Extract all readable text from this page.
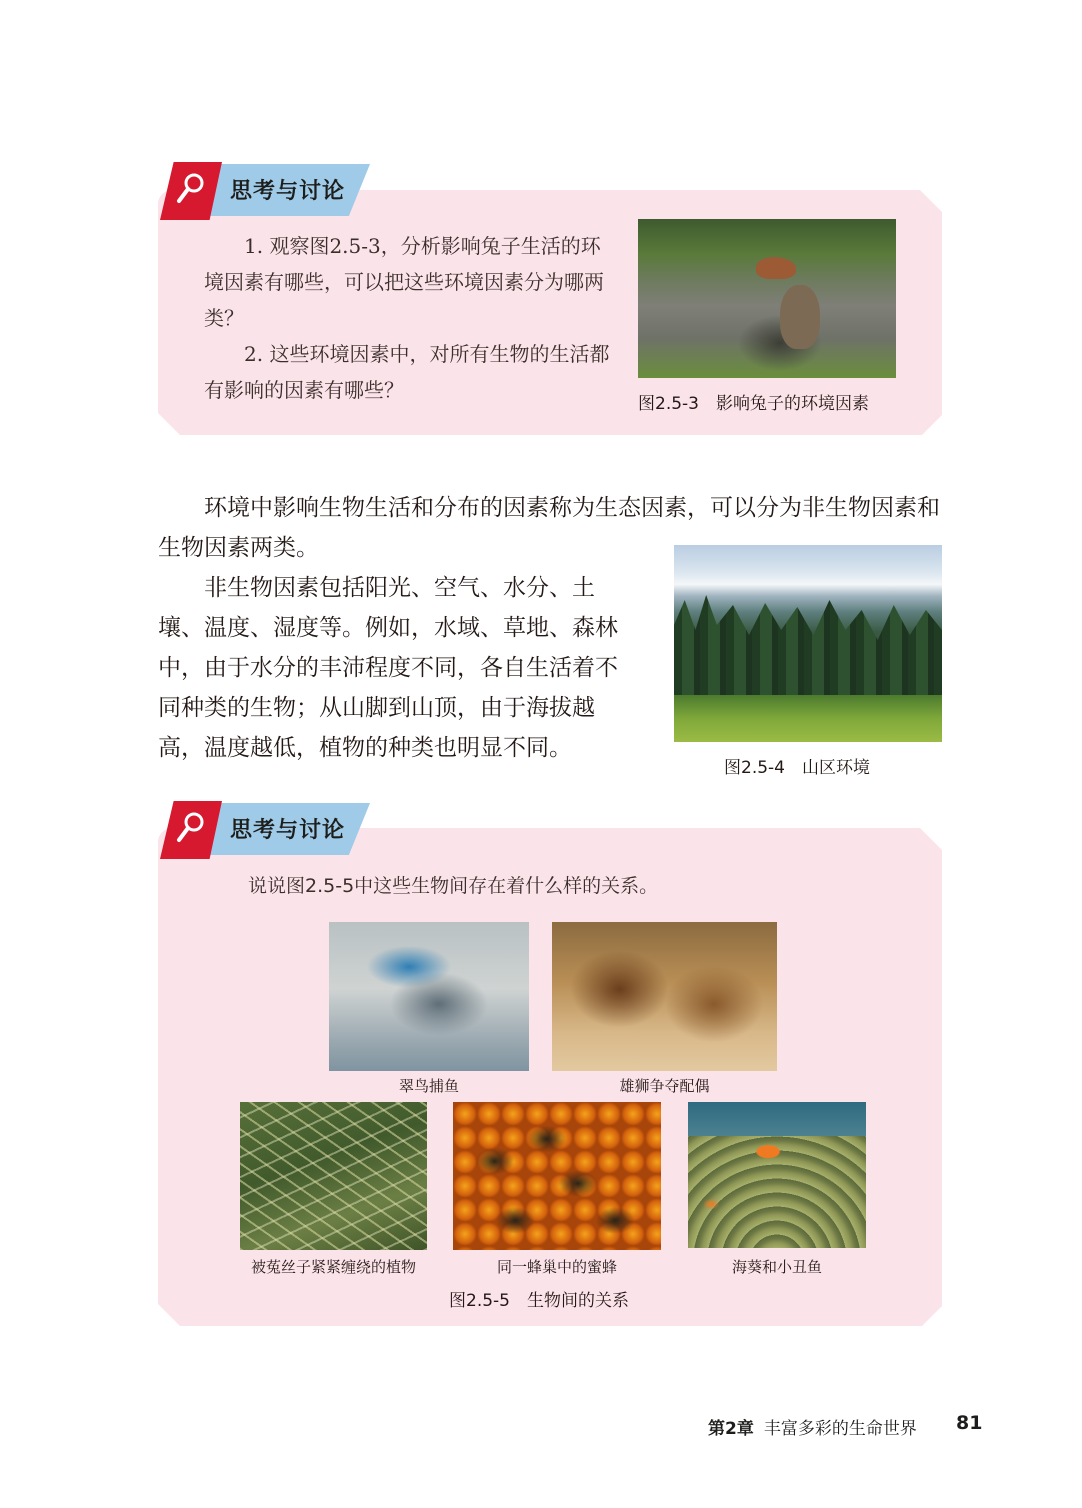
思考与讨论

1. 观察图2.5-3，分析影响兔子生活的环境因素有哪些，可以把这些环境因素分为哪两类？

2. 这些环境因素中，对所有生物的生活都有影响的因素有哪些？

图2.5-3　影响兔子的环境因素

环境中影响生物生活和分布的因素称为生态因素，可以分为非生物因素和生物因素两类。

非生物因素包括阳光、空气、水分、土壤、温度、湿度等。例如，水域、草地、森林中，由于水分的丰沛程度不同，各自生活着不同种类的生物；从山脚到山顶，由于海拔越高，温度越低，植物的种类也明显不同。

图2.5-4　山区环境
思考与讨论
说说图2.5-5中这些生物间存在着什么样的关系。
翠鸟捕鱼	雄狮争夺配偶
被菟丝子紧紧缠绕的植物	同一蜂巢中的蜜蜂	海葵和小丑鱼
图2.5-5　生物间的关系
第2章 丰富多彩的生命世界 81
